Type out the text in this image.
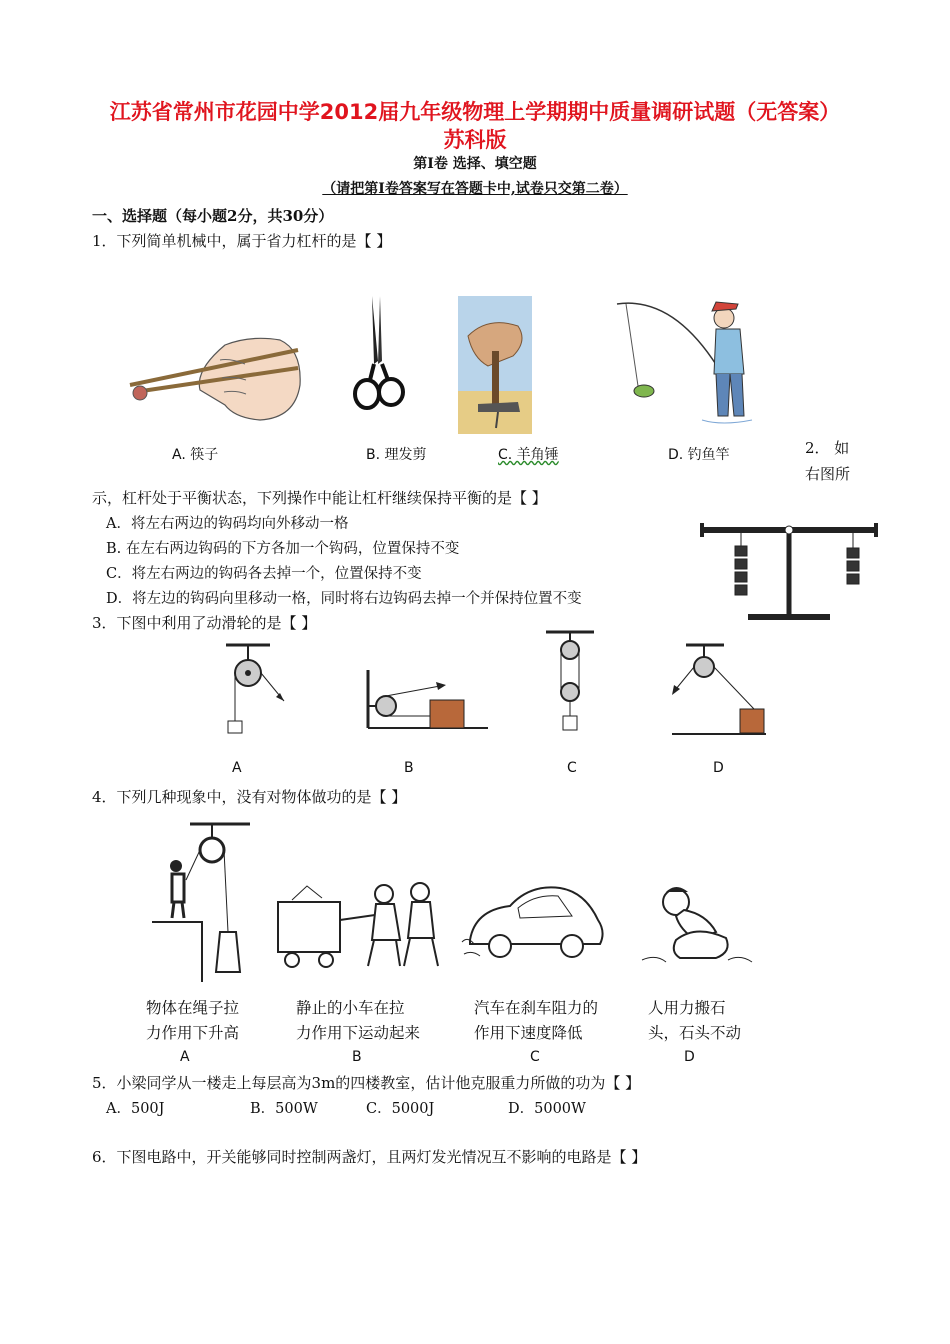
江苏省常州市花园中学2012届九年级物理上学期期中质量调研试题（无答案）
苏科版
第Ⅰ卷 选择、填空题
（请把第Ⅰ卷答案写在答题卡中,试卷只交第二卷）
一、选择题（每小题2分，共30分）
1．下列简单机械中，属于省力杠杆的是【 】
A. 筷子	B. 理发剪	C. 羊角锤	D. 钓鱼竿	2． 如
右图所
示，杠杆处于平衡状态，下列操作中能让杠杆继续保持平衡的是【 】
A．将左右两边的钩码均向外移动一格
B. 在左右两边钩码的下方各加一个钩码，位置保持不变
C．将左右两边的钩码各去掉一个，位置保持不变
D．将左边的钩码向里移动一格，同时将右边钩码去掉一个并保持位置不变
3．下图中利用了动滑轮的是【 】
A	B	C	D
4．下列几种现象中，没有对物体做功的是【 】
物体在绳子拉
力作用下升高
静止的小车在拉
力作用下运动起来
汽车在刹车阻力的
作用下速度降低
人用力搬石
头，石头不动
A	B	C	D
5．小梁同学从一楼走上每层高为3m的四楼教室，估计他克服重力所做的功为【 】
A．500J	B．500W	C．5000J	D．5000W
6．下图电路中，开关能够同时控制两盏灯，且两灯发光情况互不影响的电路是【 】
